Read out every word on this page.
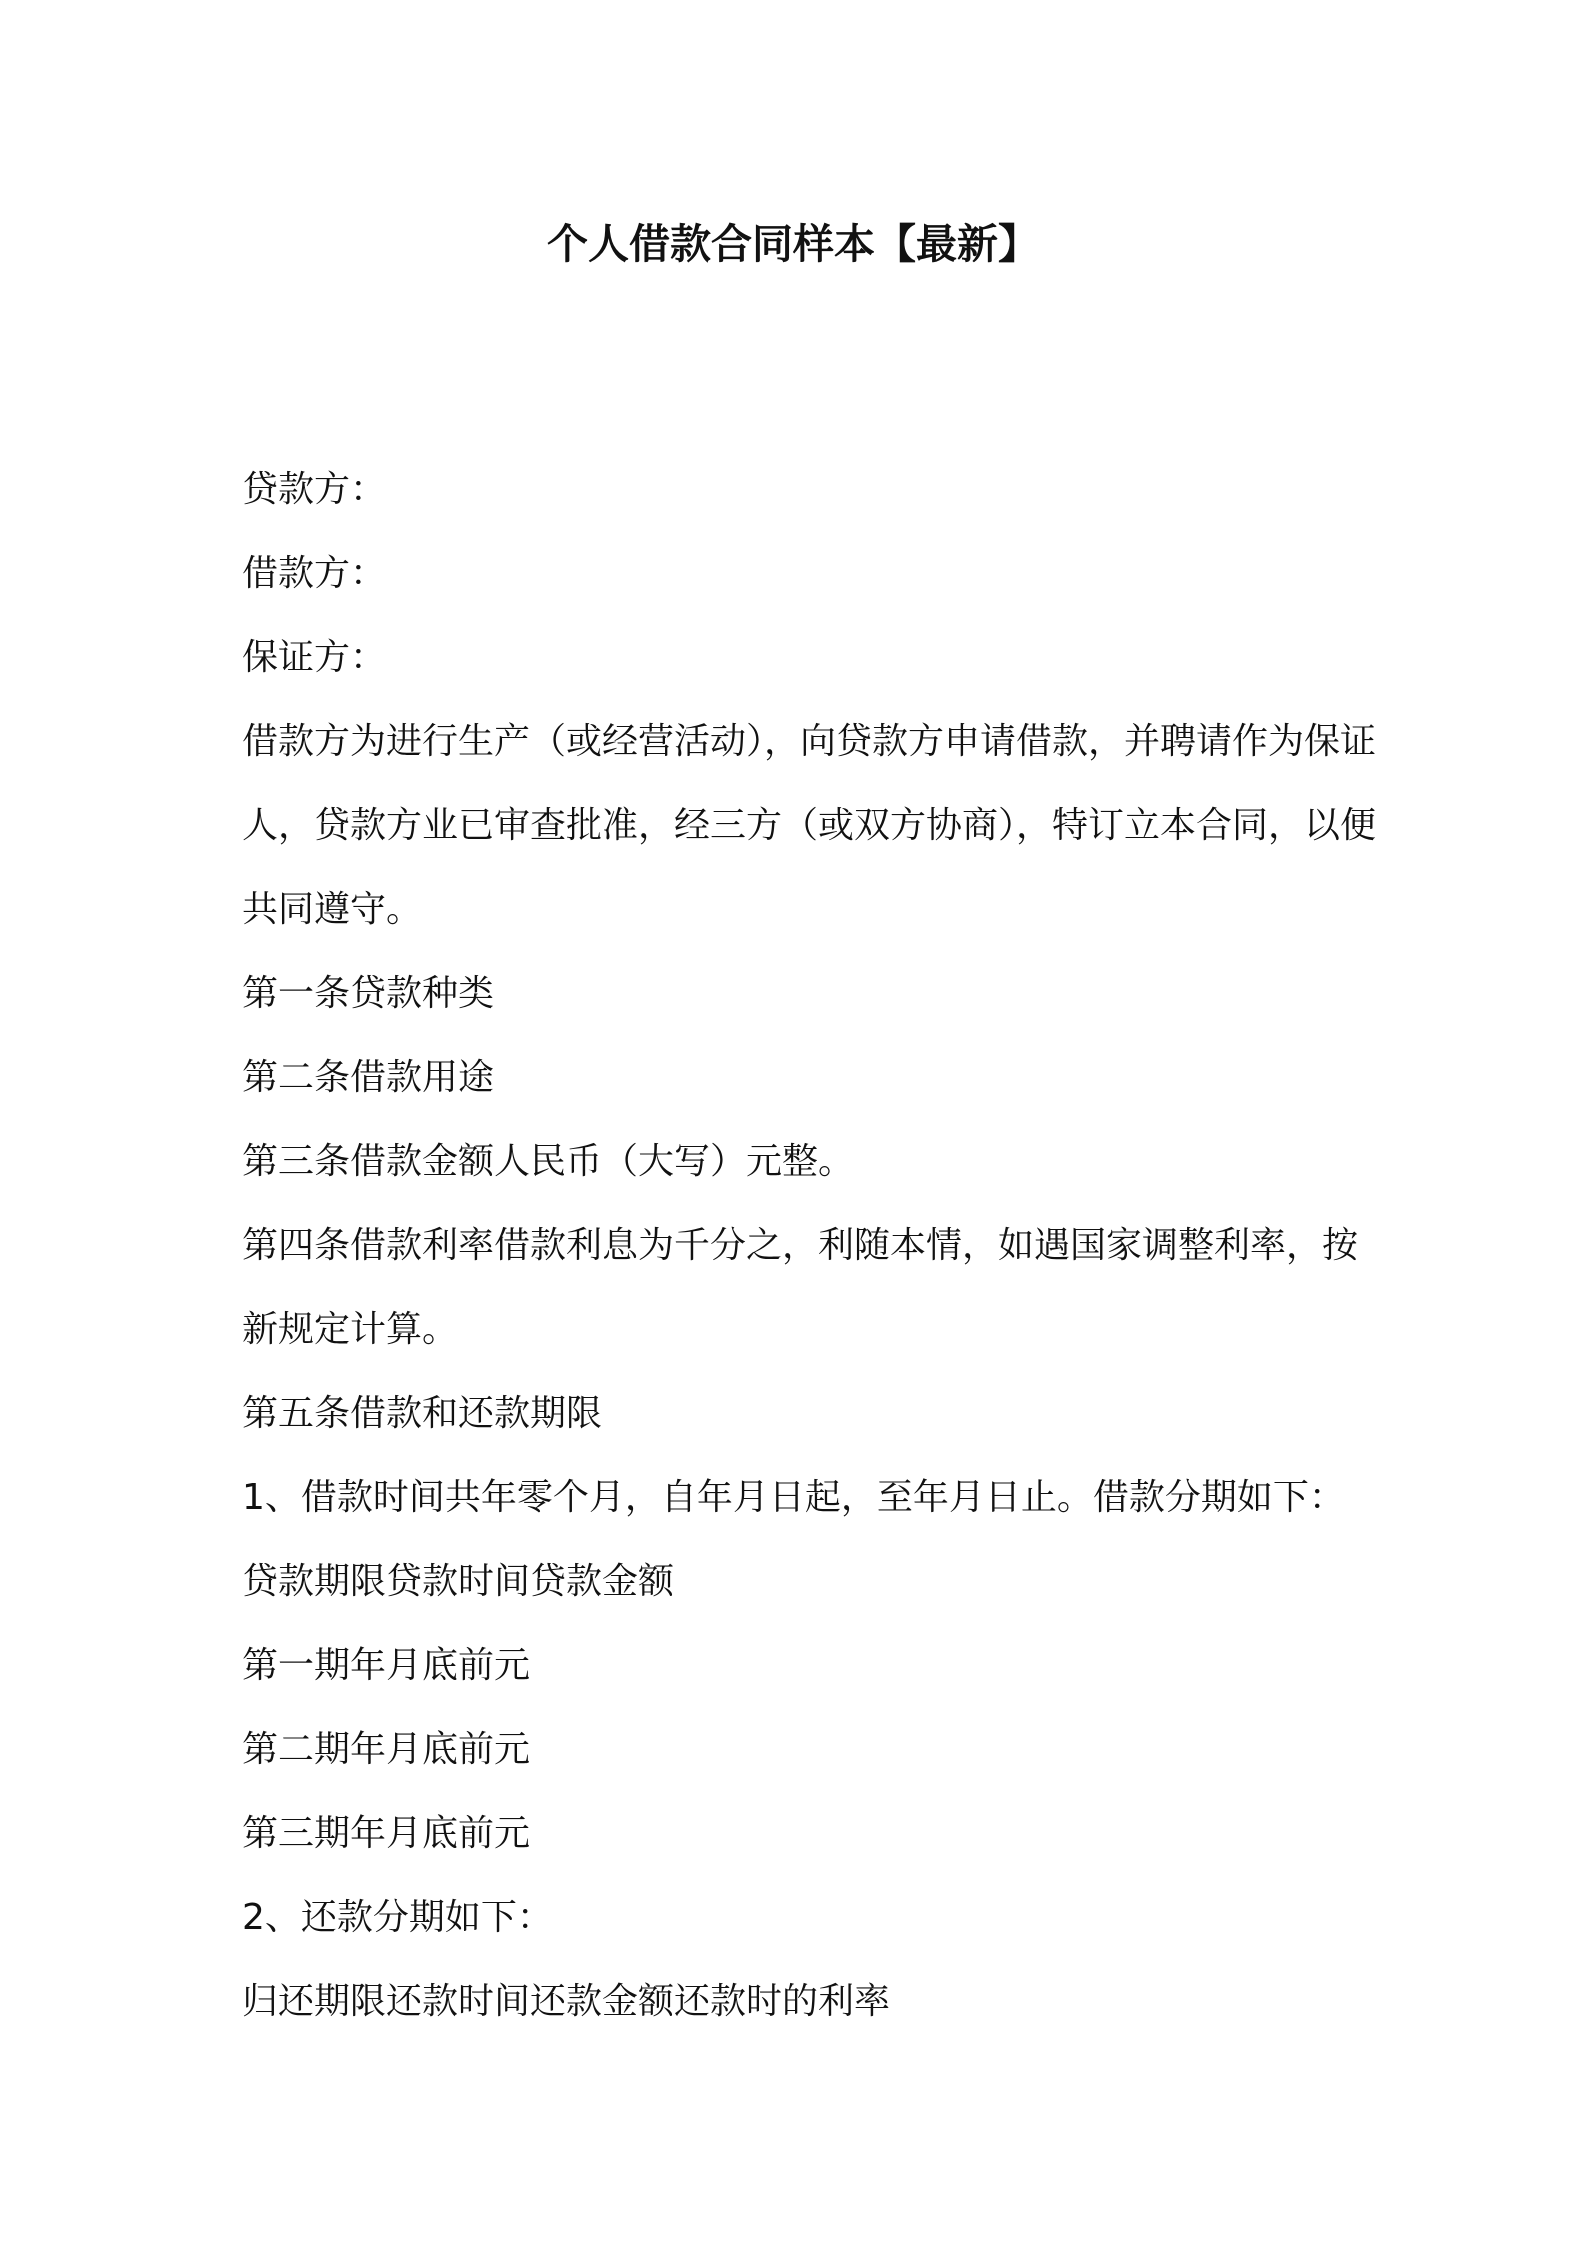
个人借款合同样本【最新】

贷款方：

借款方：

保证方：

借款方为进行生产（或经营活动），向贷款方申请借款，并聘请作为保证人，贷款方业已审查批准，经三方（或双方协商），特订立本合同，以便共同遵守。

第一条贷款种类

第二条借款用途

第三条借款金额人民币（大写）元整。

第四条借款利率借款利息为千分之，利随本情，如遇国家调整利率，按新规定计算。

第五条借款和还款期限

1、借款时间共年零个月，自年月日起，至年月日止。借款分期如下：

贷款期限贷款时间贷款金额

第一期年月底前元

第二期年月底前元

第三期年月底前元

2、还款分期如下：

归还期限还款时间还款金额还款时的利率
